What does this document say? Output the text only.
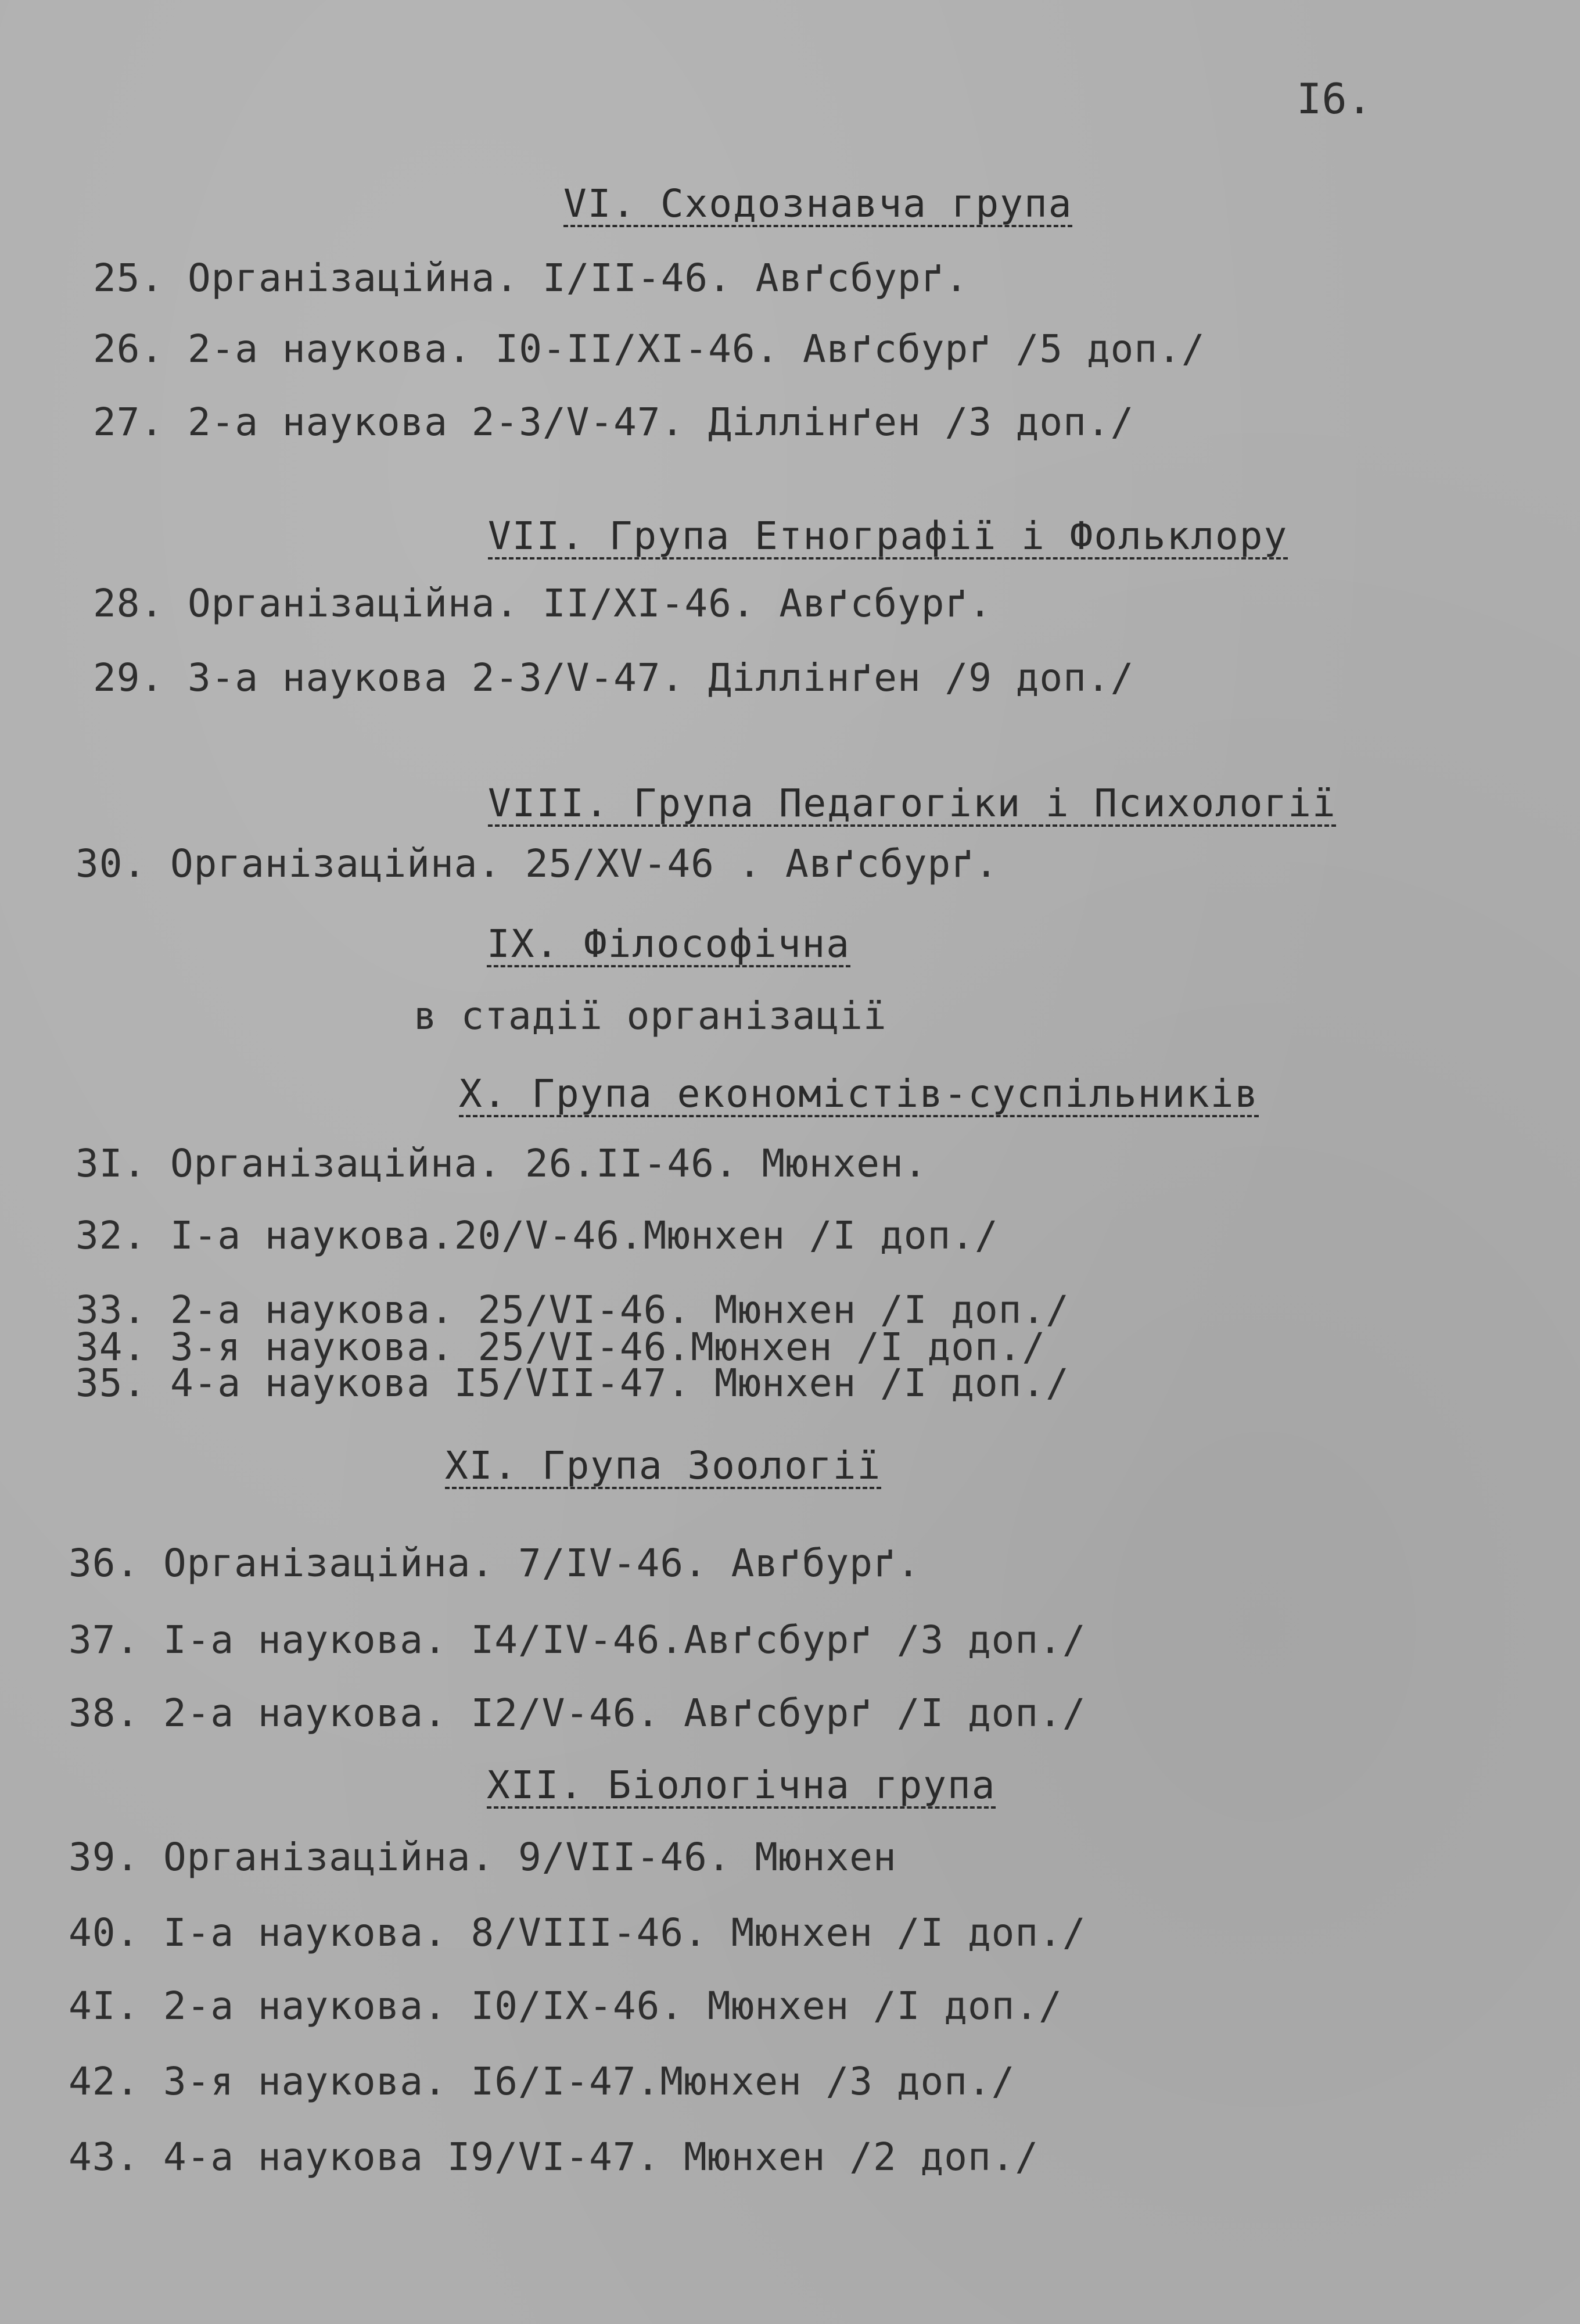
I6.
VI. Сходознавча група
25. Організаційна. I/II-46. Авґсбурґ.
26. 2-а наукова. I0-II/XI-46. Авґсбурґ /5 доп./
27. 2-а наукова 2-3/V-47. Діллінґен /3 доп./
VII. Група Етнографії і Фольклору
28. Організаційна. II/XI-46. Авґсбурґ.
29. 3-а наукова 2-3/V-47. Діллінґен /9 доп./
VIII. Група Педагогіки і Психології
30. Організаційна. 25/XV-46 . Авґсбурґ.
IX. Філософічна
в стадії організації
X. Група економістів-суспільників
3I. Організаційна. 26.II-46. Мюнхен.
32. I-а наукова.20/V-46.Мюнхен /I доп./
33. 2-а наукова. 25/VI-46. Мюнхен /I доп./
34. 3-я наукова. 25/VI-46.Мюнхен /I доп./
35. 4-а наукова I5/VII-47. Мюнхен /I доп./
XI. Група Зоології
36. Організаційна. 7/IV-46. Авґбурґ.
37. I-а наукова. I4/IV-46.Авґсбурґ /3 доп./
38. 2-а наукова. I2/V-46. Авґсбурґ /I доп./
XII. Біологічна група
39. Організаційна. 9/VII-46. Мюнхен
40. I-а наукова. 8/VIII-46. Мюнхен /I доп./
4I. 2-а наукова. I0/IX-46. Мюнхен /I доп./
42. 3-я наукова. I6/I-47.Мюнхен /3 доп./
43. 4-а наукова I9/VI-47. Мюнхен /2 доп./
